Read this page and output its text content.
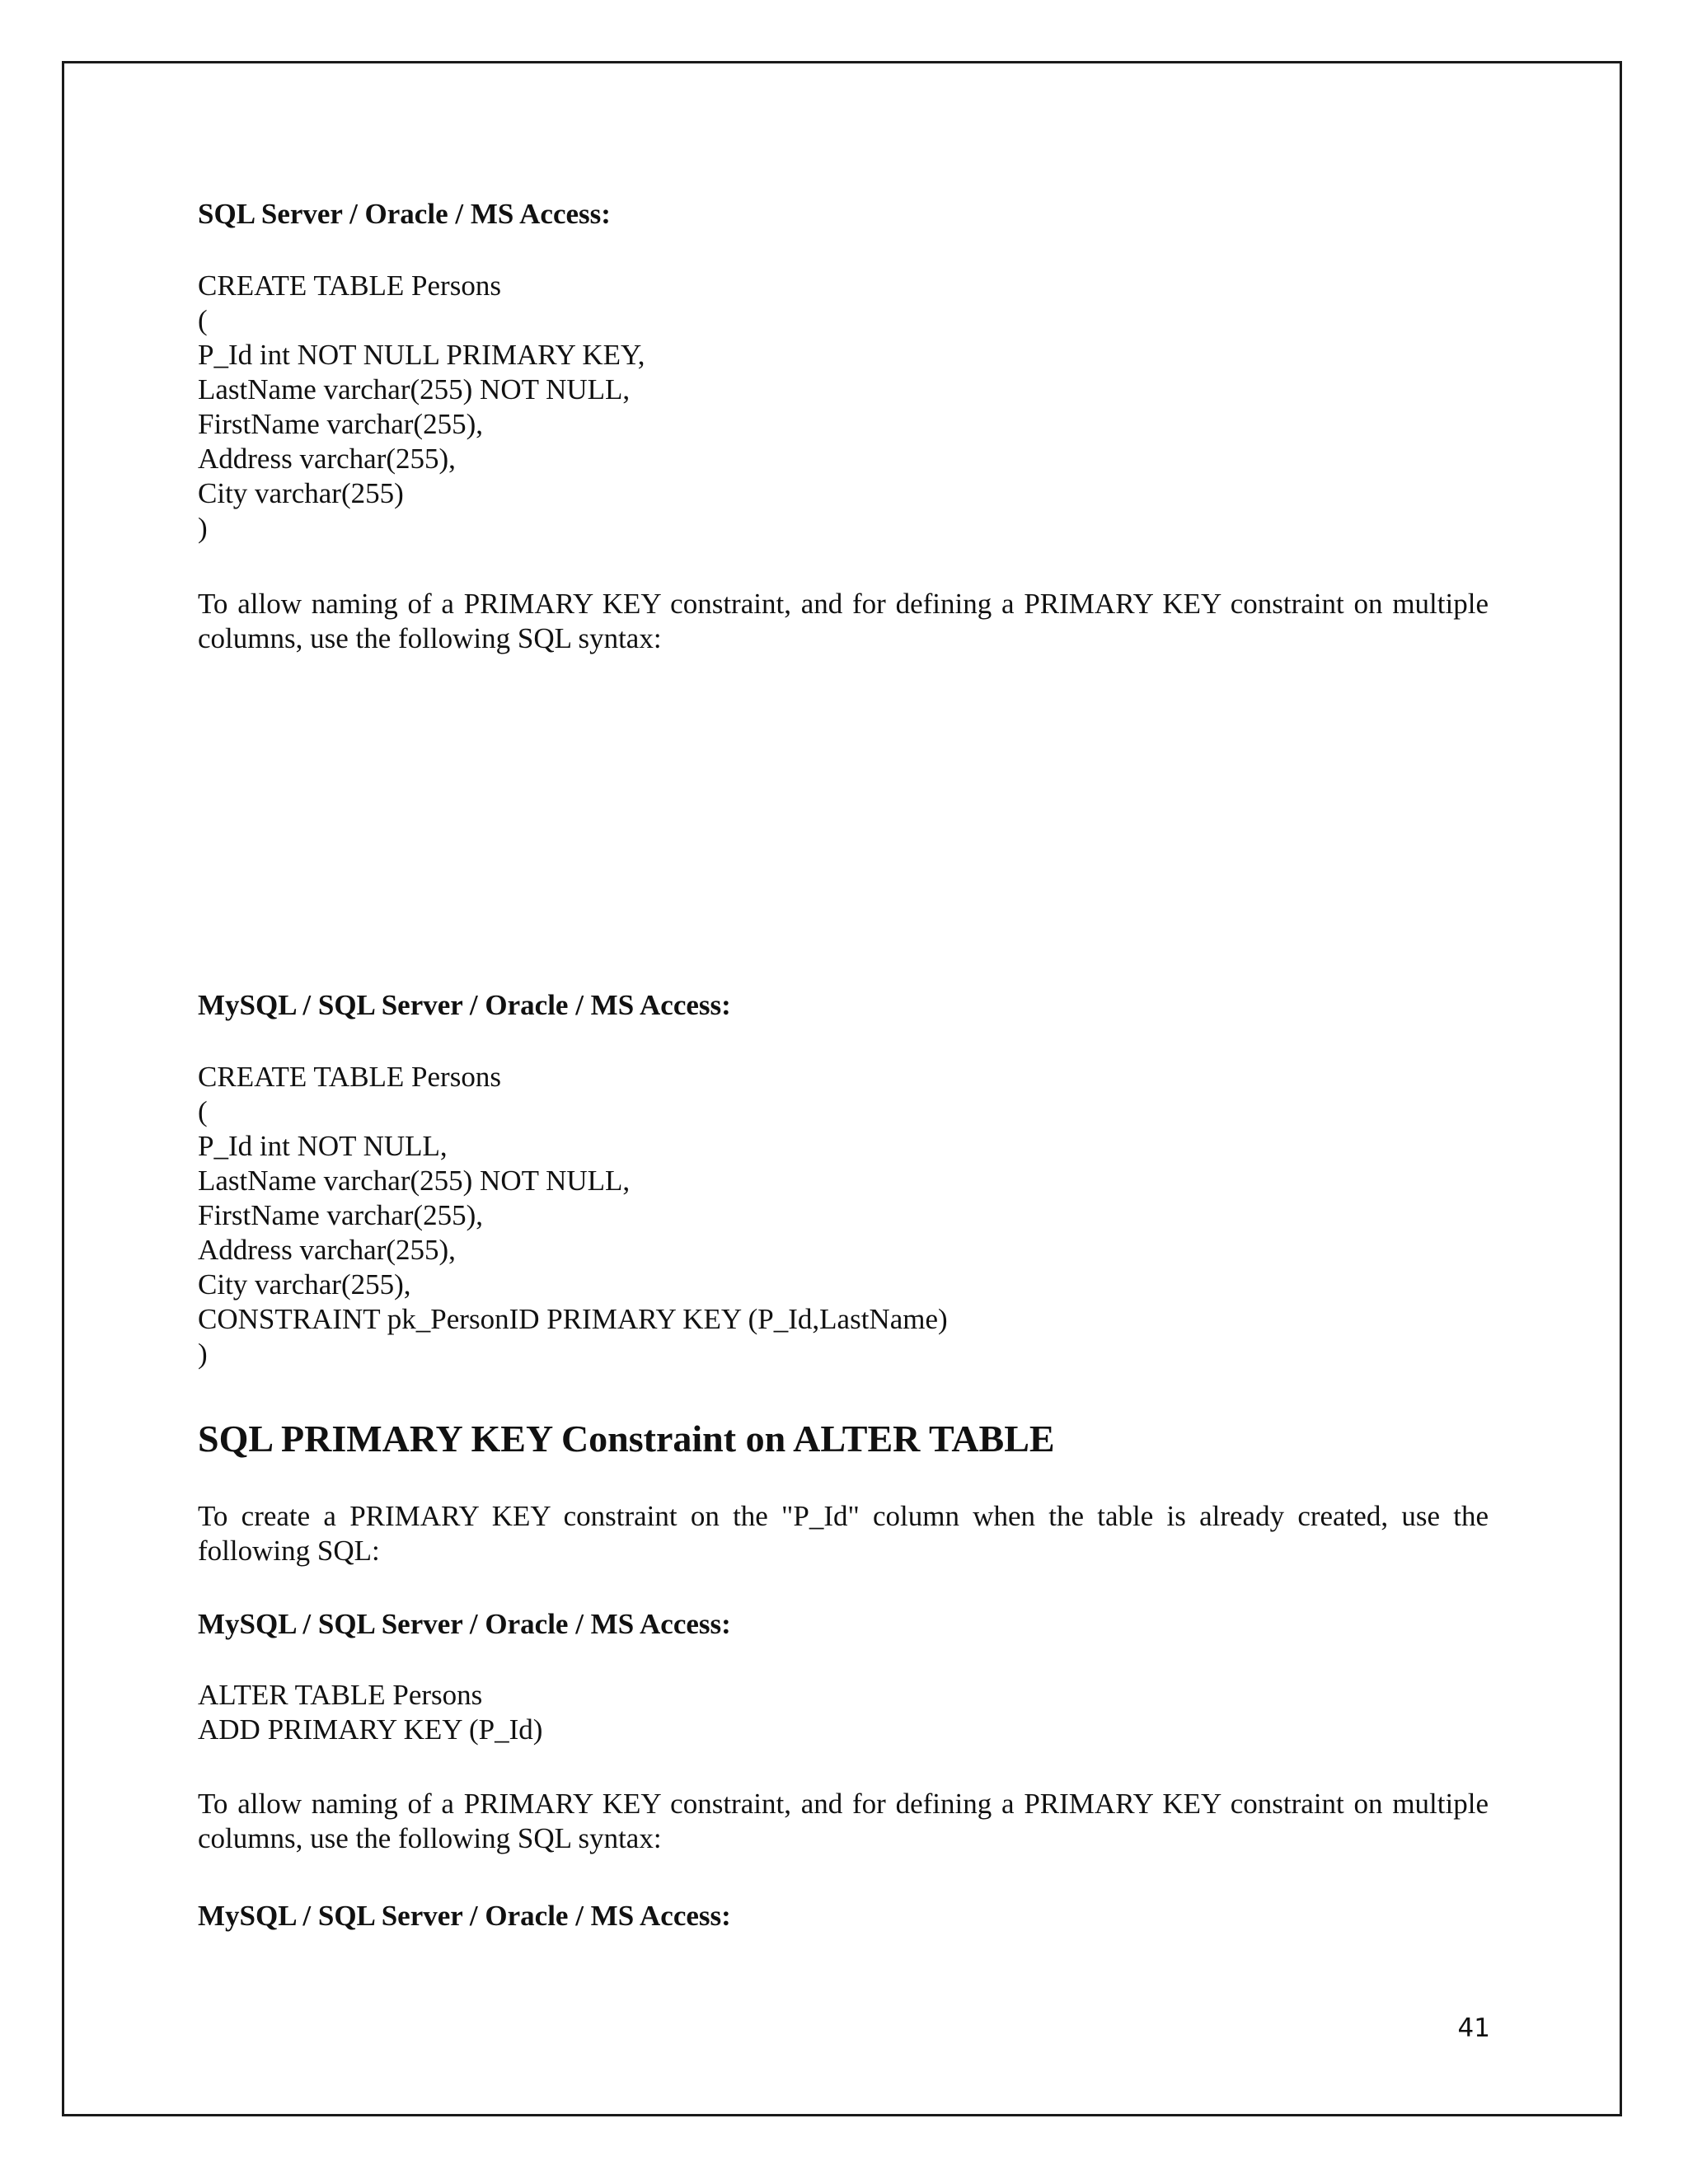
SQL Server / Oracle / MS Access:
CREATE TABLE Persons
(
P_Id int NOT NULL PRIMARY KEY,
LastName varchar(255) NOT NULL,
FirstName varchar(255),
Address varchar(255),
City varchar(255)
)
To allow naming of a PRIMARY KEY constraint, and for defining a PRIMARY KEY constraint on multiple columns, use the following SQL syntax:
MySQL / SQL Server / Oracle / MS Access:
CREATE TABLE Persons
(
P_Id int NOT NULL,
LastName varchar(255) NOT NULL,
FirstName varchar(255),
Address varchar(255),
City varchar(255),
CONSTRAINT pk_PersonID PRIMARY KEY (P_Id,LastName)
)
SQL PRIMARY KEY Constraint on ALTER TABLE
To create a PRIMARY KEY constraint on the "P_Id" column when the table is already created, use the following SQL:
MySQL / SQL Server / Oracle / MS Access:
ALTER TABLE Persons
ADD PRIMARY KEY (P_Id)
To allow naming of a PRIMARY KEY constraint, and for defining a PRIMARY KEY constraint on multiple columns, use the following SQL syntax:
MySQL / SQL Server / Oracle / MS Access:
41
